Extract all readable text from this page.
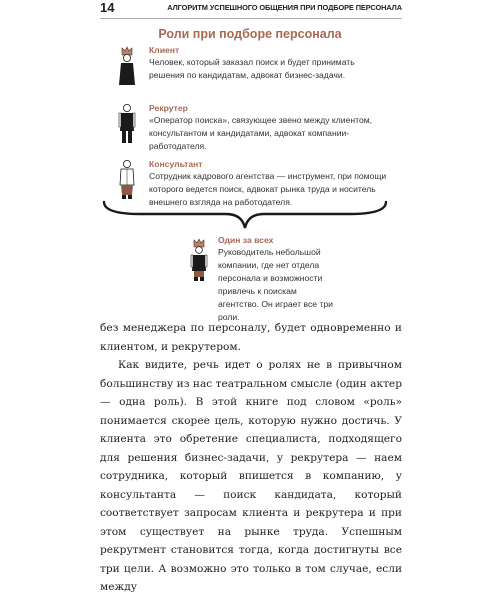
14	АЛГОРИТМ УСПЕШНОГО ОБЩЕНИЯ ПРИ ПОДБОРЕ ПЕРСОНАЛА
Роли при подборе персонала
Клиент
Человек, который заказал поиск и будет принимать решения по кандидатам, адвокат бизнес-задачи.
Рекрутер
«Оператор поиска», связующее звено между клиентом, консультантом и кандидатами, адвокат компании-работодателя.
Консультант
Сотрудник кадрового агентства — инструмент, при помощи которого ведется поиск, адвокат рынка труда и носитель внешнего взгляда на работодателя.
Один за всех
Руководитель небольшой компании, где нет отдела персонала и возможности привлечь к поискам агентство. Он играет все три роли.

без менеджера по персоналу, будет одновременно и клиентом, и рекрутером.

Как видите, речь идет о ролях не в привычном большинству из нас театральном смысле (один актер — одна роль). В этой книге под словом «роль» понимается скорее цель, которую нужно достичь. У клиента это обретение специалиста, подходящего для решения бизнес-задачи, у рекрутера — наем сотрудника, который впишется в компанию, у консультанта — поиск кандидата, который соответствует запросам клиента и рекрутера и при этом существует на рынке труда. Успешным рекрутмент становится тогда, когда достигнуты все три цели. А возможно это только в том случае, если между
